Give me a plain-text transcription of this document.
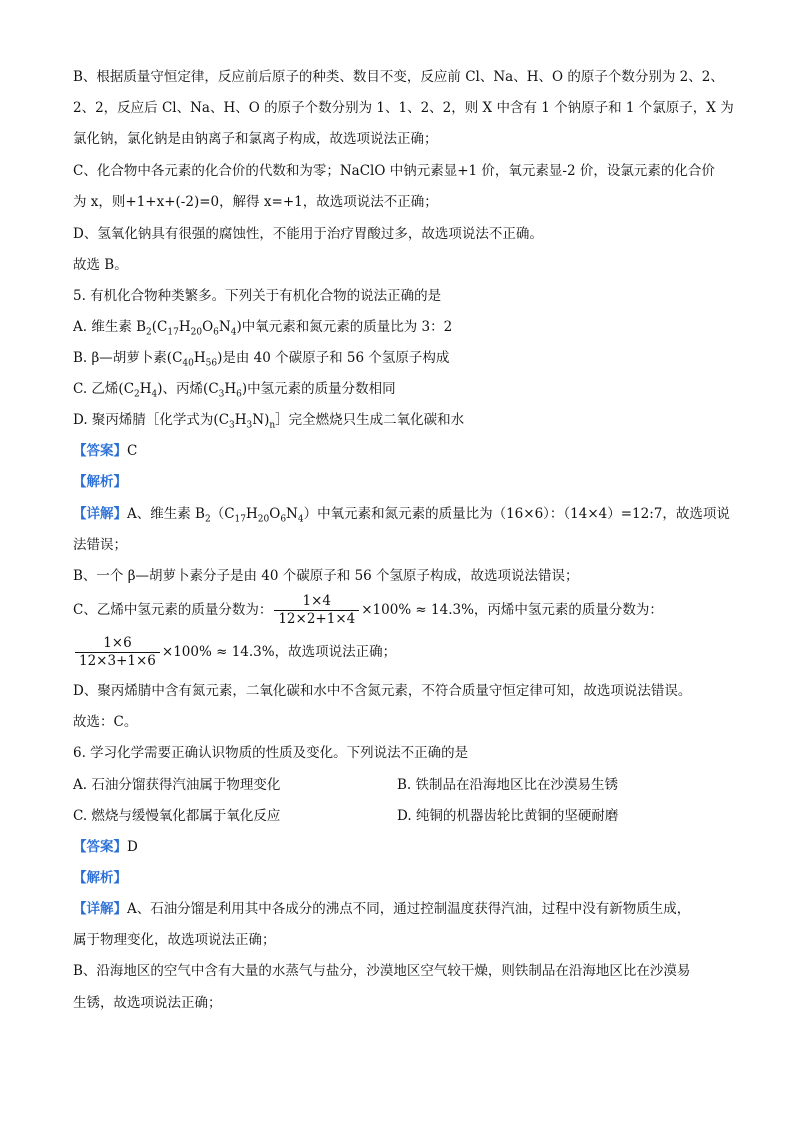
B、根据质量守恒定律，反应前后原子的种类、数目不变，反应前 Cl、Na、H、O 的原子个数分别为 2、2、
2、2，反应后 Cl、Na、H、O 的原子个数分别为 1、1、2、2，则 X 中含有 1 个钠原子和 1 个氯原子，X 为
氯化钠，氯化钠是由钠离子和氯离子构成，故选项说法正确；
C、化合物中各元素的化合价的代数和为零；NaClO 中钠元素显+1 价，氧元素显-2 价，设氯元素的化合价
为 x，则+1+x+(-2)=0，解得 x=+1，故选项说法不正确；
D、氢氧化钠具有很强的腐蚀性，不能用于治疗胃酸过多，故选项说法不正确。
故选 B。
5. 有机化合物种类繁多。下列关于有机化合物的说法正确的是
A. 维生素 $B_2(C_{17}H_{20}O_6N_4)$中氧元素和氮元素的质量比为 3：2
B. β—胡萝卜素$(C_{40}H_{56})$是由 40 个碳原子和 56 个氢原子构成
C. 乙烯$(C_2H_4)$、丙烯$(C_3H_6)$中氢元素的质量分数相同
D. 聚丙烯腈［化学式为$(C_3H_3N)_n]$完全燃烧只生成二氧化碳和水
【答案】C
【解析】
【详解】A、维生素 $B_2(C_{17}H_{20}O_6N_4)$中氧元素和氮元素的质量比为（16×6）：（14×4）=12:7，故选项说
法错误；
B、一个 β—胡萝卜素分子是由 40 个碳原子和 56 个氢原子构成，故选项说法错误；
C、乙烯中氢元素的质量分数为： $\frac{1\times 4}{12\times 2+1\times 4} \times 100\% \approx 14.3\%$，丙烯中氢元素的质量分数为：
$\frac{1\times 6}{12\times 3+1\times 6} \times 100\% \approx 14.3\%$，故选项说法正确；
D、聚丙烯腈中含有氮元素，二氧化碳和水中不含氮元素，不符合质量守恒定律可知，故选项说法错误。
故选：C。
6. 学习化学需要正确认识物质的性质及变化。下列说法不正确的是
A. 石油分馏获得汽油属于物理变化	B. 铁制品在沿海地区比在沙漠易生锈
C. 燃烧与缓慢氧化都属于氧化反应	D. 纯铜的机器齿轮比黄铜的坚硬耐磨
【答案】D
【解析】
【详解】A、石油分馏是利用其中各成分的沸点不同，通过控制温度获得汽油，过程中没有新物质生成，
属于物理变化，故选项说法正确；
B、沿海地区的空气中含有大量的水蒸气与盐分，沙漠地区空气较干燥，则铁制品在沿海地区比在沙漠易
生锈，故选项说法正确；
